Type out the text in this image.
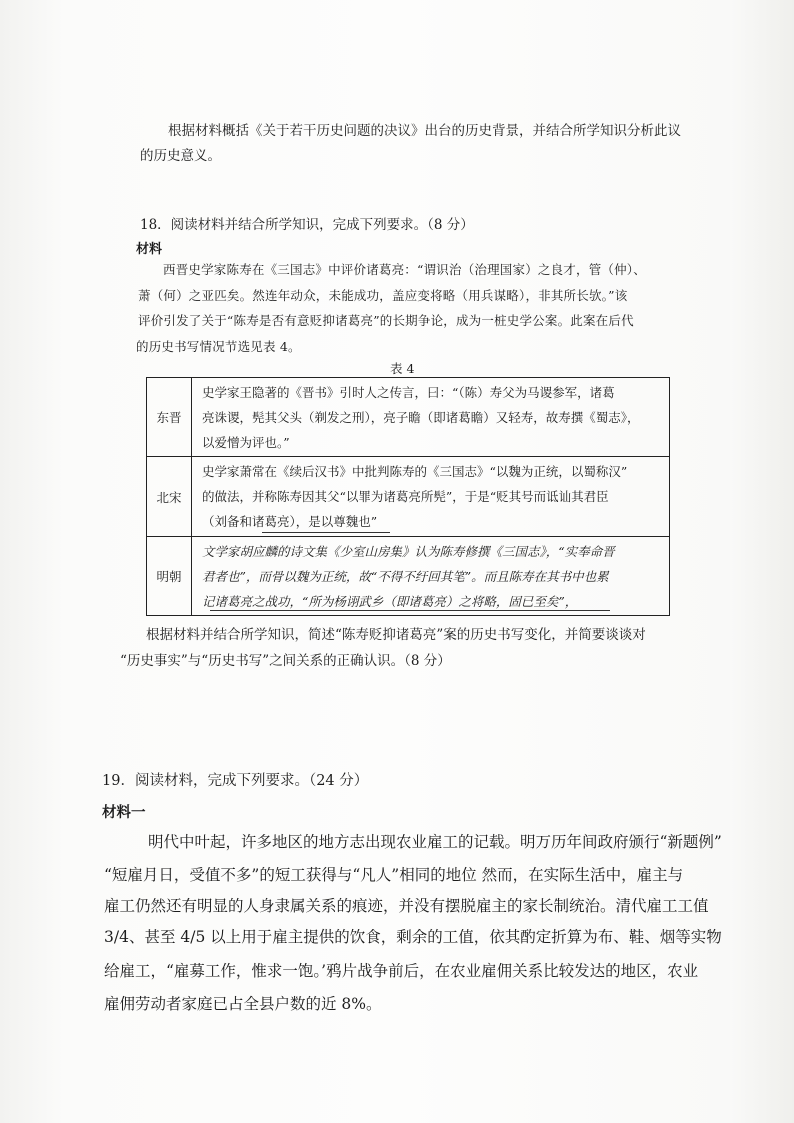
根据材料概括《关于若干历史问题的决议》出台的历史背景，并结合所学知识分析此议
的历史意义。
18．阅读材料并结合所学知识，完成下列要求。（8 分）
材料
西晋史学家陈寿在《三国志》中评价诸葛亮：“谓识治（治理国家）之良才，管（仲）、
萧（何）之亚匹矣。然连年动众，未能成功，盖应变将略（用兵谋略），非其所长欤。”该
评价引发了关于“陈寿是否有意贬抑诸葛亮”的长期争论，成为一桩史学公案。此案在后代
的历史书写情况节选见表 4。
表 4
东晋
史学家王隐著的《晋书》引时人之传言，曰：“（陈）寿父为马谡参军，诸葛
亮诛谡，髡其父头（剃发之刑），亮子瞻（即诸葛瞻）又轻寿，故寿撰《蜀志》，
以爱憎为评也。”
北宋
史学家萧常在《续后汉书》中批判陈寿的《三国志》“以魏为正统，以蜀称汉”
的做法，并称陈寿因其父“以罪为诸葛亮所髡”，于是“贬其号而诋讪其君臣
（刘备和诸葛亮），是以尊魏也”
明朝
文学家胡应麟的诗文集《少室山房集》认为陈寿修撰《三国志》，“实奉命晋
君者也”，而骨以魏为正统，故“不得不纡回其笔”。而且陈寿在其书中也累
记诸葛亮之战功，“所为杨诩武乡（即诸葛亮）之将略，固已至矣”，
根据材料并结合所学知识，简述“陈寿贬抑诸葛亮”案的历史书写变化，并简要谈谈对
“历史事实”与“历史书写”之间关系的正确认识。（8 分）
19．阅读材料，完成下列要求。（24 分）
材料一
明代中叶起，许多地区的地方志出现农业雇工的记载。明万历年间政府颁行“新题例”
“短雇月日，受值不多”的短工获得与“凡人”相同的地位 然而，在实际生活中，雇主与
雇工仍然还有明显的人身隶属关系的痕迹，并没有摆脱雇主的家长制统治。清代雇工工值
3/4、甚至 4/5 以上用于雇主提供的饮食，剩余的工值，依其酌定折算为布、鞋、烟等实物
给雇工，“雇募工作，惟求一饱。’鸦片战争前后，在农业雇佣关系比较发达的地区，农业
雇佣劳动者家庭已占全县户数的近 8%。
